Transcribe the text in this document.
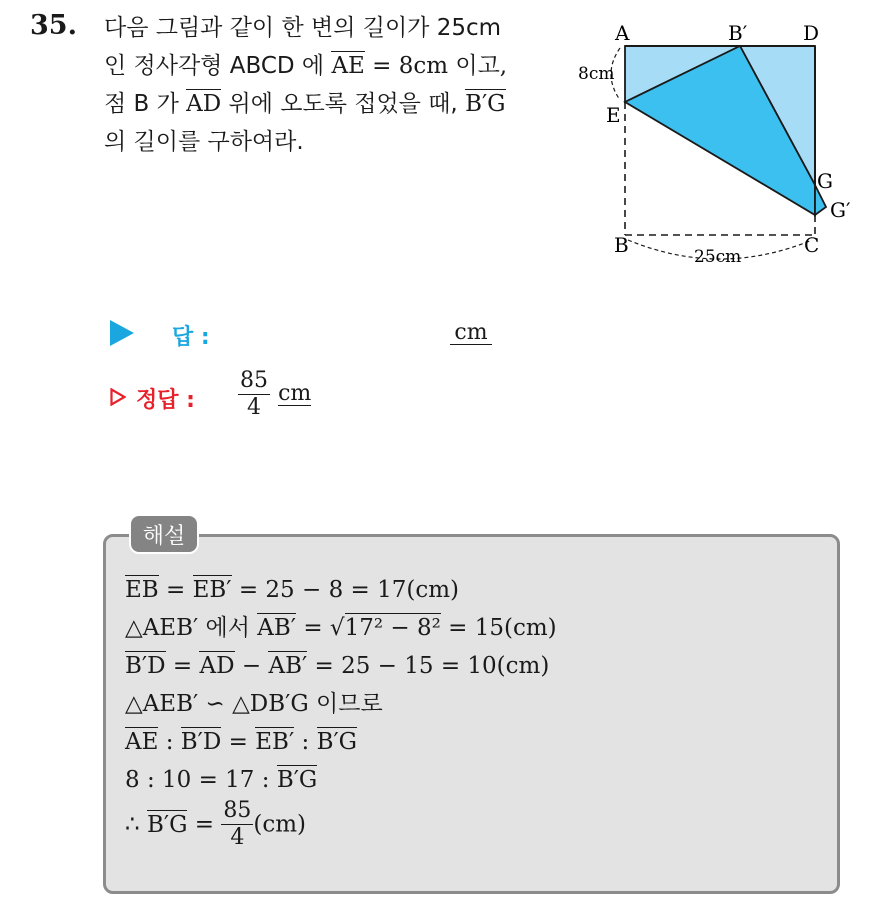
35. 다음 그림과 같이 한 변의 길이가 25cm
인 정사각형 ABCD 에 AE = 8cm 이고,
점 B 가 AD 위에 오도록 접었을 때, B′G
의 길이를 구하여라.
A	B′	D
E
G
G′
B	C
8cm
25cm
답 :	cm
정답 : $\frac{85}{4}$ cm
해설
EB = EB′ = 25 − 8 = 17(cm)
△AEB′ 에서 AB′ = √17² − 8² = 15(cm)
B′D = AD − AB′ = 25 − 15 = 10(cm)
△AEB′ ∽ △DB′G 이므로
AE : B′D = EB′ : B′G
8 : 10 = 17 : B′G
∴ $B'G = \frac{85}{4} (cm)$
